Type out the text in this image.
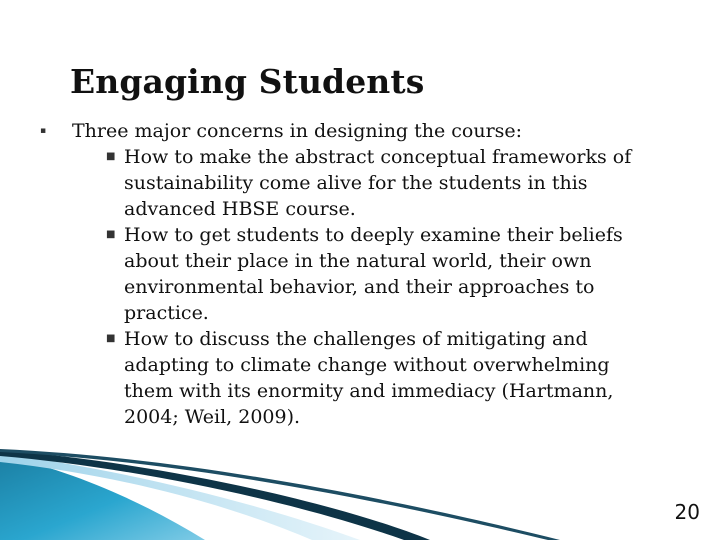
Engaging Students
▪ Three major concerns in designing the course:
■ How to make the abstract conceptual frameworks of
sustainability come alive for the students in this
advanced HBSE course.
■ How to get students to deeply examine their beliefs
about their place in the natural world, their own
environmental behavior, and their approaches to
practice.
■ How to discuss the challenges of mitigating and
adapting to climate change without overwhelming
them with its enormity and immediacy (Hartmann,
2004; Weil, 2009).
20
